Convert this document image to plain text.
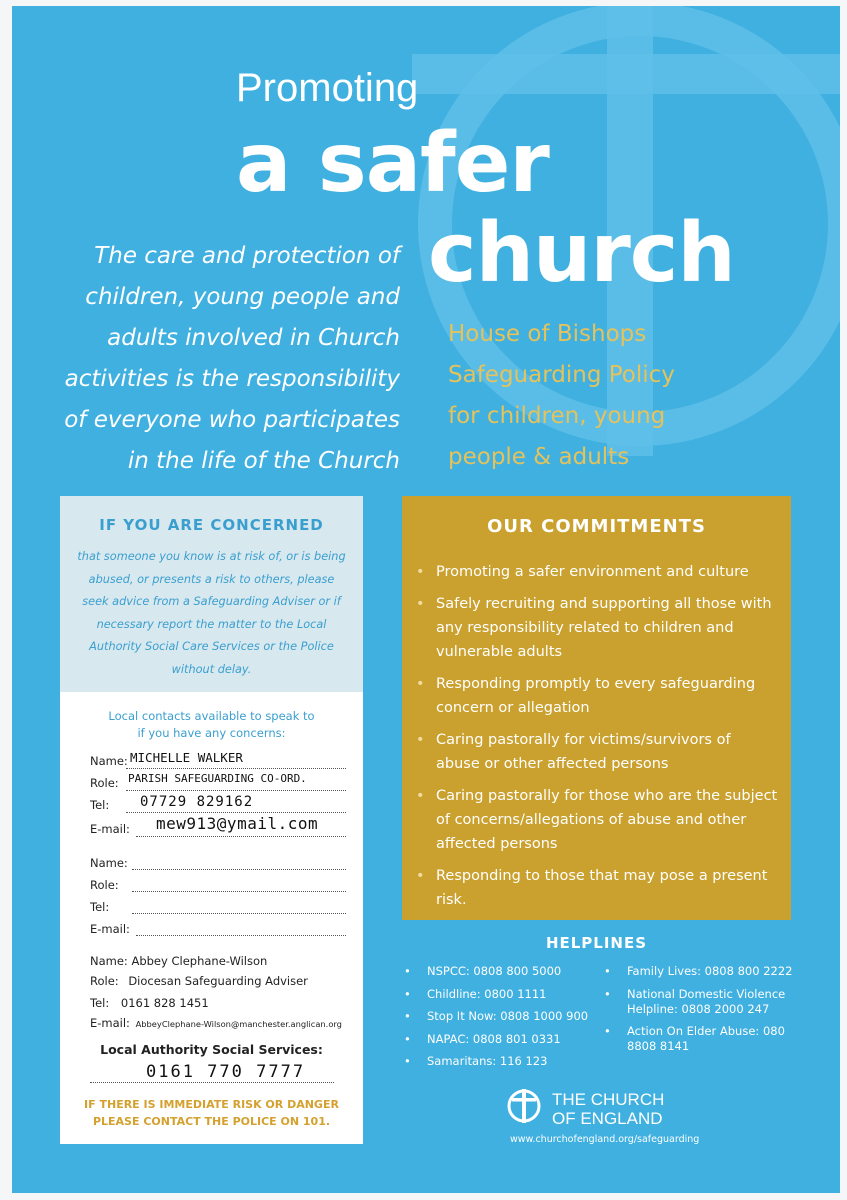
Promoting
a safer
church
The care and protection of
children, young people and
adults involved in Church
activities is the responsibility
of everyone who participates
in the life of the Church
House of Bishops
Safeguarding Policy
for children, young
people & adults
IF YOU ARE CONCERNED
that someone you know is at risk of, or is being abused, or presents a risk to others, please seek advice from a Safeguarding Adviser or if necessary report the matter to the Local Authority Social Care Services or the Police without delay.
Local contacts available to speak to
if you have any concerns:
Name: MICHELLE WALKER
Role: PARISH SAFEGUARDING CO-ORD.
Tel: 07729 829162
E-mail: mew913@ymail.com
Name:
Role:
Tel:
E-mail:
Name: Abbey Clephane-Wilson
Role: Diocesan Safeguarding Adviser
Tel: 0161 828 1451
E-mail: AbbeyClephane-Wilson@manchester.anglican.org
Local Authority Social Services:
0161 770 7777
IF THERE IS IMMEDIATE RISK OR DANGER
PLEASE CONTACT THE POLICE ON 101.
OUR COMMITMENTS
• Promoting a safer environment and culture
• Safely recruiting and supporting all those with any responsibility related to children and vulnerable adults
• Responding promptly to every safeguarding concern or allegation
• Caring pastorally for victims/survivors of abuse or other affected persons
• Caring pastorally for those who are the subject of concerns/allegations of abuse and other affected persons
• Responding to those that may pose a present risk.
HELPLINES
• NSPCC: 0808 800 5000
• Childline: 0800 1111
• Stop It Now: 0808 1000 900
• NAPAC: 0808 801 0331
• Samaritans: 116 123
• Family Lives: 0808 800 2222
• National Domestic Violence Helpline: 0808 2000 247
• Action On Elder Abuse: 080 8808 8141
THE CHURCH
OF ENGLAND
www.churchofengland.org/safeguarding
